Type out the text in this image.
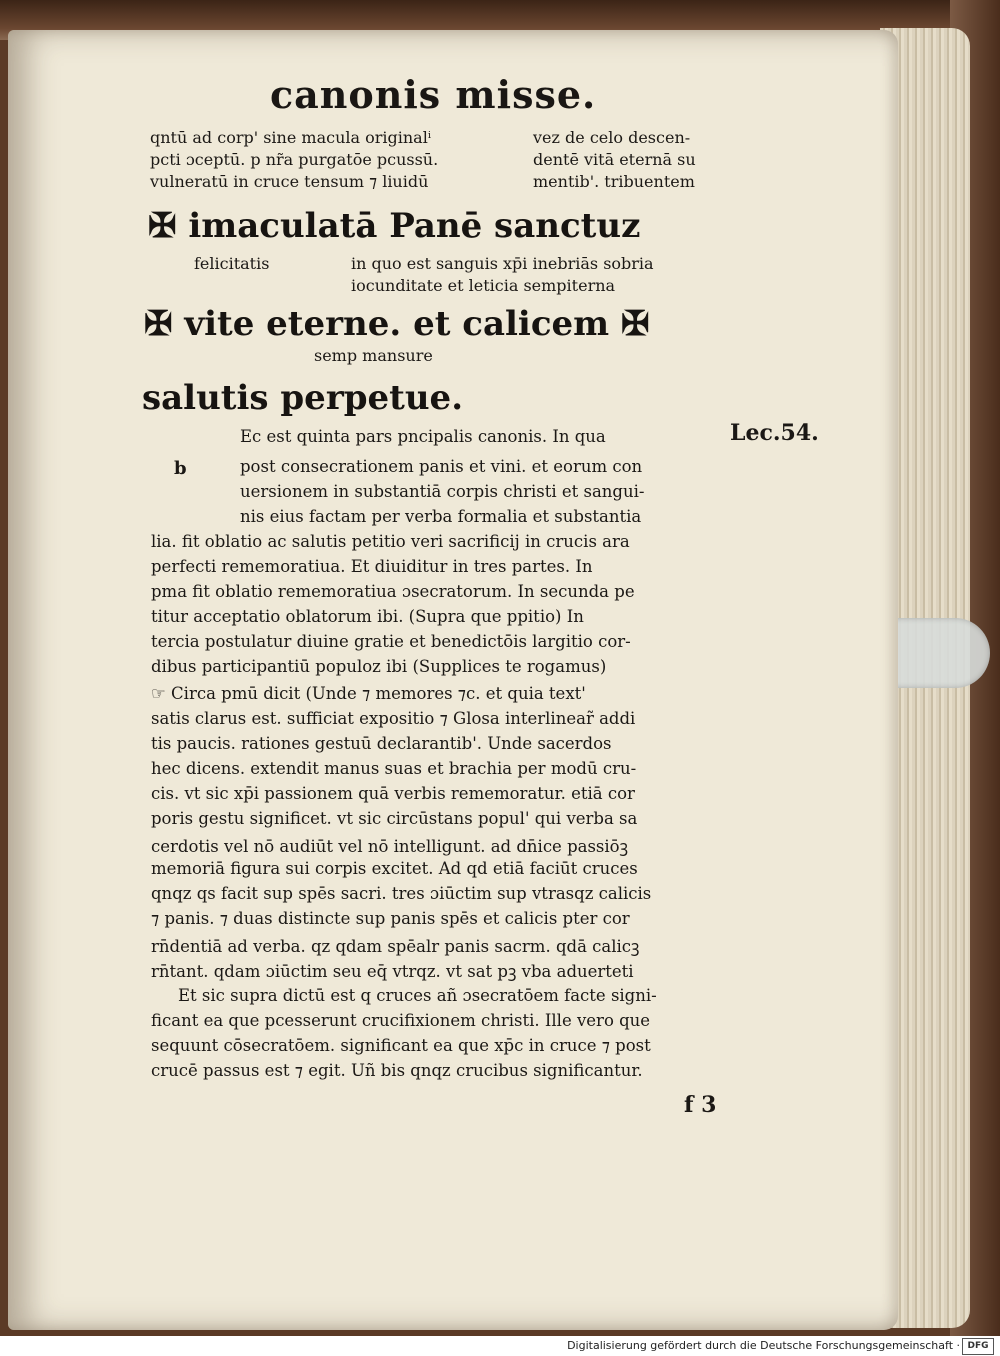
canonis misse.
qntū ad corp' sine macula originalⁱ
pcti ɔceptū. p nr̃a purgatōe pcussū.
vulneratū in cruce tensum ⁊ liuidū
vez de celo descen-
dentē vitā eternā su
mentib'. tribuentem
✠ imaculatā Panē sanctuz
felicitatis	in quo est sanguis xp̄i inebriās sobria
iocunditate et leticia sempiterna
✠ vite eterne. et calicem ✠
semp mansure
salutis perpetue.
Lec.54.
b
Ec est quinta pars pncipalis canonis. In qua
post consecrationem panis et vini. et eorum con
uersionem in substantiā corpis christi et sangui-
nis eius factam per verba formalia et substantia
lia. fit oblatio ac salutis petitio veri sacrificij in crucis ara
perfecti rememoratiua. Et diuiditur in tres partes. In
pma fit oblatio rememoratiua ɔsecratorum. In secunda pe
titur acceptatio oblatorum ibi. (Supra que ppitio) In
tercia postulatur diuine gratie et benedictōis largitio cor-
dibus participantiū populoz ibi (Supplices te rogamus)
☞ Circa pmū dicit (Unde ⁊ memores ⁊c. et quia text'
satis clarus est. sufficiat expositio ⁊ Glosa interlinear̃ addi
tis paucis. rationes gestuū declarantib'. Unde sacerdos
hec dicens. extendit manus suas et brachia per modū cru-
cis. vt sic xp̄i passionem quā verbis rememoratur. etiā cor
poris gestu significet. vt sic circūstans popul' qui verba sa
cerdotis vel nō audiūt vel nō intelligunt. ad dn̄ice passiōꝫ
memoriā figura sui corpis excitet. Ad qd etiā faciūt cruces
qnqz qs facit sup spēs sacri. tres ɔiūctim sup vtrasqz calicis
⁊ panis. ⁊ duas distincte sup panis spēs et calicis pter cor
rn̄dentiā ad verba. qz qdam spēalr panis sacrm. qdā calicꝫ
rn̄tant. qdam ɔiūctim seu eq̄ vtrqz. vt sat pꝫ vba aduerteti
Et sic supra dictū est q cruces añ ɔsecratōem facte signi-
ficant ea que pcesserunt crucifixionem christi. Ille vero que
sequunt cōsecratōem. significant ea que xp̄c in cruce ⁊ post
crucē passus est ⁊ egit. Uñ bis qnqz crucibus significantur.
f 3
Digitalisierung gefördert durch die Deutsche Forschungsgemeinschaft · DFG
